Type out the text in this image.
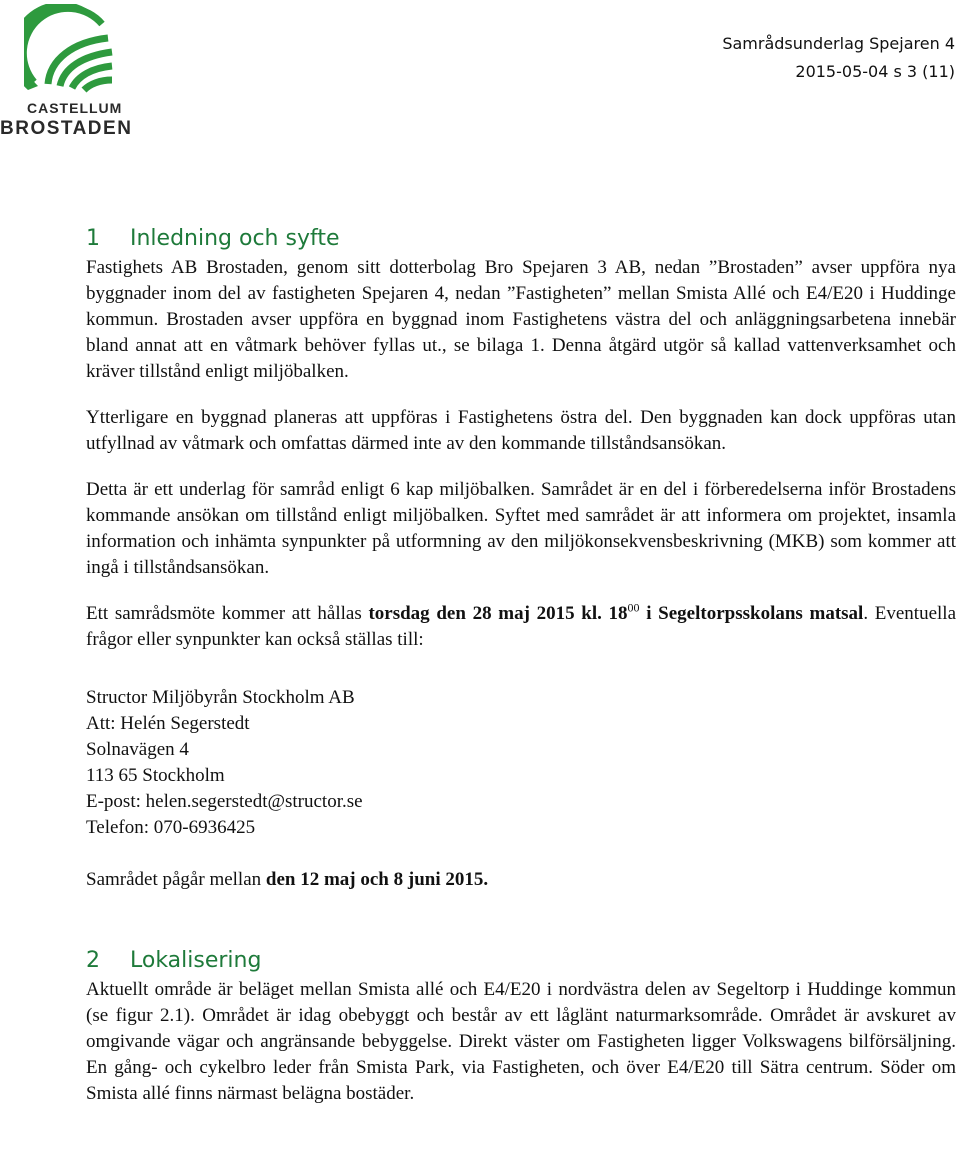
CASTELLUM
BROSTADEN
Samrådsunderlag Spejaren 4
2015-05-04 s 3 (11)
1 Inledning och syfte

Fastighets AB Brostaden, genom sitt dotterbolag Bro Spejaren 3 AB, nedan ”Brostaden” avser uppföra nya byggnader inom del av fastigheten Spejaren 4, nedan ”Fastigheten” mellan Smista Allé och E4/E20 i Huddinge kommun. Brostaden avser uppföra en byggnad inom Fastighetens västra del och anläggningsarbetena innebär bland annat att en våtmark behöver fyllas ut., se bilaga 1. Denna åtgärd utgör så kallad vattenverksamhet och kräver tillstånd enligt miljöbalken.

Ytterligare en byggnad planeras att uppföras i Fastighetens östra del. Den byggnaden kan dock uppföras utan utfyllnad av våtmark och omfattas därmed inte av den kommande tillståndsansökan.

Detta är ett underlag för samråd enligt 6 kap miljöbalken. Samrådet är en del i förberedelserna inför Brostadens kommande ansökan om tillstånd enligt miljöbalken. Syftet med samrådet är att informera om projektet, insamla information och inhämta synpunkter på utformning av den miljökonsekvensbeskrivning (MKB) som kommer att ingå i tillståndsansökan.

Ett samrådsmöte kommer att hållas torsdag den 28 maj 2015 kl. $18^{00}$ i Segeltorpsskolans matsal. Eventuella frågor eller synpunkter kan också ställas till:

Structor Miljöbyrån Stockholm AB
Att: Helén Segerstedt
Solnavägen 4
113 65 Stockholm
E-post: helen.segerstedt@structor.se
Telefon: 070-6936425

Samrådet pågår mellan den 12 maj och 8 juni 2015.

2 Lokalisering

Aktuellt område är beläget mellan Smista allé och E4/E20 i nordvästra delen av Segeltorp i Huddinge kommun (se figur 2.1). Området är idag obebyggt och består av ett låglänt naturmarksområde. Området är avskuret av omgivande vägar och angränsande bebyggelse. Direkt väster om Fastigheten ligger Volkswagens bilförsäljning. En gång- och cykelbro leder från Smista Park, via Fastigheten, och över E4/E20 till Sätra centrum. Söder om Smista allé finns närmast belägna bostäder.
